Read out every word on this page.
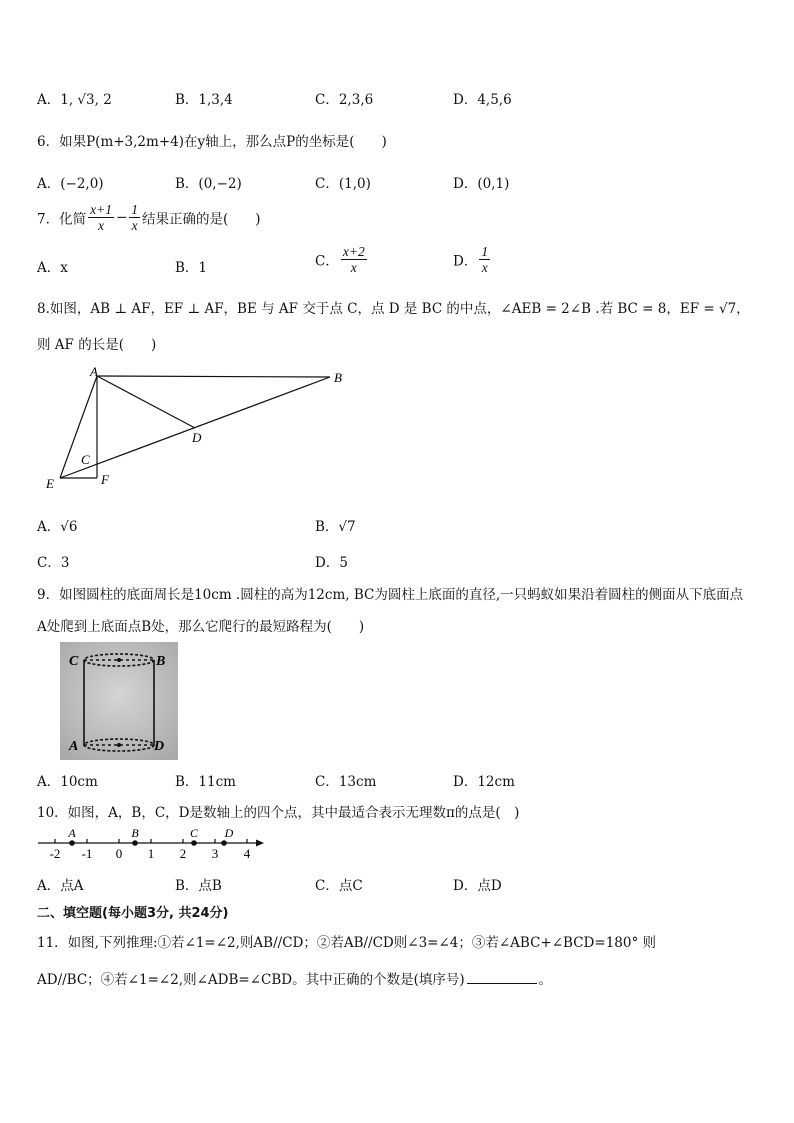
A．1, √3, 2	B．1,3,4	C．2,3,6	D．4,5,6
6．如果P(m+3,2m+4)在y轴上，那么点P的坐标是(　　)
A．(−2,0)	B．(0,−2)	C．(1,0)	D．(0,1)
7．化简 $\frac{x+1}{x} - \frac{1}{x}$ 结果正确的是(　　)
A．x	B．1	C． $\frac{x+2}{x}$	D． $\frac{1}{x}$
8.如图，AB ⊥ AF，EF ⊥ AF，BE 与 AF 交于点 C，点 D 是 BC 的中点，∠AEB = 2∠B .若 BC = 8，EF = √7，
则 AF 的长是(　　)
A	B
C
D
E	F
A．√6	B．√7
C．3	D．5
9．如图圆柱的底面周长是10cm .圆柱的高为12cm, BC为圆柱上底面的直径,一只蚂蚁如果沿着圆柱的侧面从下底面点
A处爬到上底面点B处，那么它爬行的最短路程为(　　)
C	B
A	D
A．10cm	B．11cm	C．13cm	D．12cm
10．如图，A，B，C，D是数轴上的四个点，其中最适合表示无理数π的点是(　)
-2 -1 0 1 2 3 4
A	B	C D
A．点A	B．点B	C．点C	D．点D
二、填空题(每小题3分, 共24分)
11．如图,下列推理:①若∠1=∠2,则AB//CD；②若AB//CD则∠3=∠4；③若∠ABC+∠BCD=180° 则
AD//BC；④若∠1=∠2,则∠ADB=∠CBD。其中正确的个数是(填序号)	。
